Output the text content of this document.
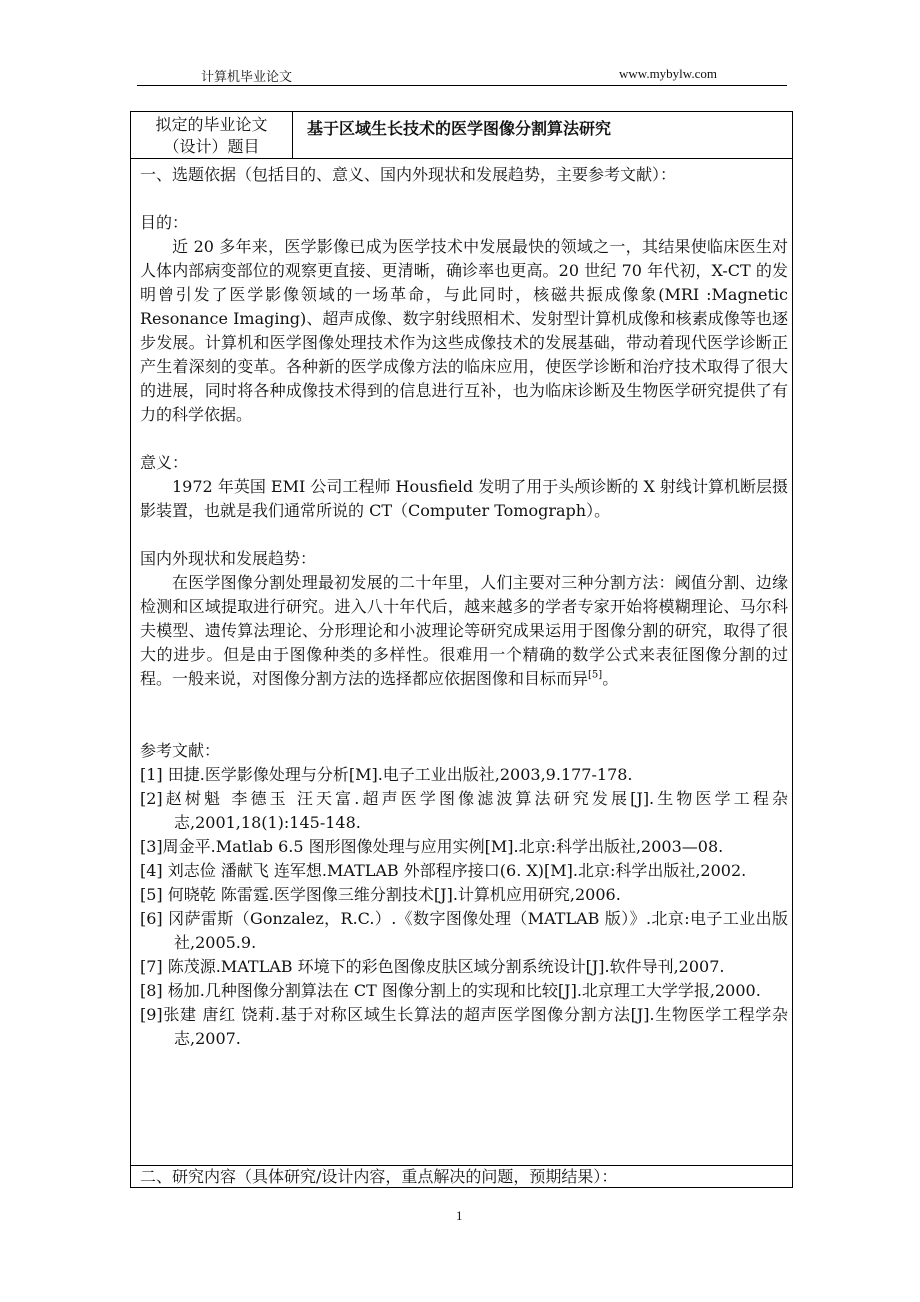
计算机毕业论文	www.mybylw.com
拟定的毕业论文
（设计）题目
基于区域生长技术的医学图像分割算法研究

一、选题依据（包括目的、意义、国内外现状和发展趋势，主要参考文献）：

目的：

近 20 多年来，医学影像已成为医学技术中发展最快的领域之一，其结果使临床医生对人体内部病变部位的观察更直接、更清晰，确诊率也更高。20 世纪 70 年代初，X-CT 的发明曾引发了医学影像领域的一场革命，与此同时，核磁共振成像象(MRI :Magnetic Resonance Imaging)、超声成像、数字射线照相术、发射型计算机成像和核素成像等也逐步发展。计算机和医学图像处理技术作为这些成像技术的发展基础，带动着现代医学诊断正产生着深刻的变革。各种新的医学成像方法的临床应用，使医学诊断和治疗技术取得了很大的进展，同时将各种成像技术得到的信息进行互补，也为临床诊断及生物医学研究提供了有力的科学依据。

意义：

1972 年英国 EMI 公司工程师 Housfield 发明了用于头颅诊断的 X 射线计算机断层摄影装置，也就是我们通常所说的 CT（Computer Tomograph）。

国内外现状和发展趋势：

在医学图像分割处理最初发展的二十年里，人们主要对三种分割方法：阈值分割、边缘检测和区域提取进行研究。进入八十年代后，越来越多的学者专家开始将模糊理论、马尔科夫模型、遗传算法理论、分形理论和小波理论等研究成果运用于图像分割的研究，取得了很大的进步。但是由于图像种类的多样性。很难用一个精确的数学公式来表征图像分割的过程。一般来说，对图像分割方法的选择都应依据图像和目标而异[5]。

参考文献：

[1] 田捷.医学影像处理与分析[M].电子工业出版社,2003,9.177-178.

[2]赵树魁 李德玉 汪天富.超声医学图像滤波算法研究发展[J].生物医学工程杂志,2001,18(1):145-148.

[3]周金平.Matlab 6.5 图形图像处理与应用实例[M].北京:科学出版社,2003—08.

[4] 刘志俭 潘献飞 连军想.MATLAB 外部程序接口(6. X)[M].北京:科学出版社,2002.

[5] 何晓乾 陈雷霆.医学图像三维分割技术[J].计算机应用研究,2006.

[6] 冈萨雷斯（Gonzalez，R.C.）.《数字图像处理（MATLAB 版）》.北京:电子工业出版社,2005.9.

[7] 陈茂源.MATLAB 环境下的彩色图像皮肤区域分割系统设计[J].软件导刊,2007.

[8] 杨加.几种图像分割算法在 CT 图像分割上的实现和比较[J].北京理工大学学报,2000.

[9]张建 唐红 饶莉.基于对称区域生长算法的超声医学图像分割方法[J].生物医学工程学杂志,2007.

二、研究内容（具体研究/设计内容，重点解决的问题，预期结果）：
1
